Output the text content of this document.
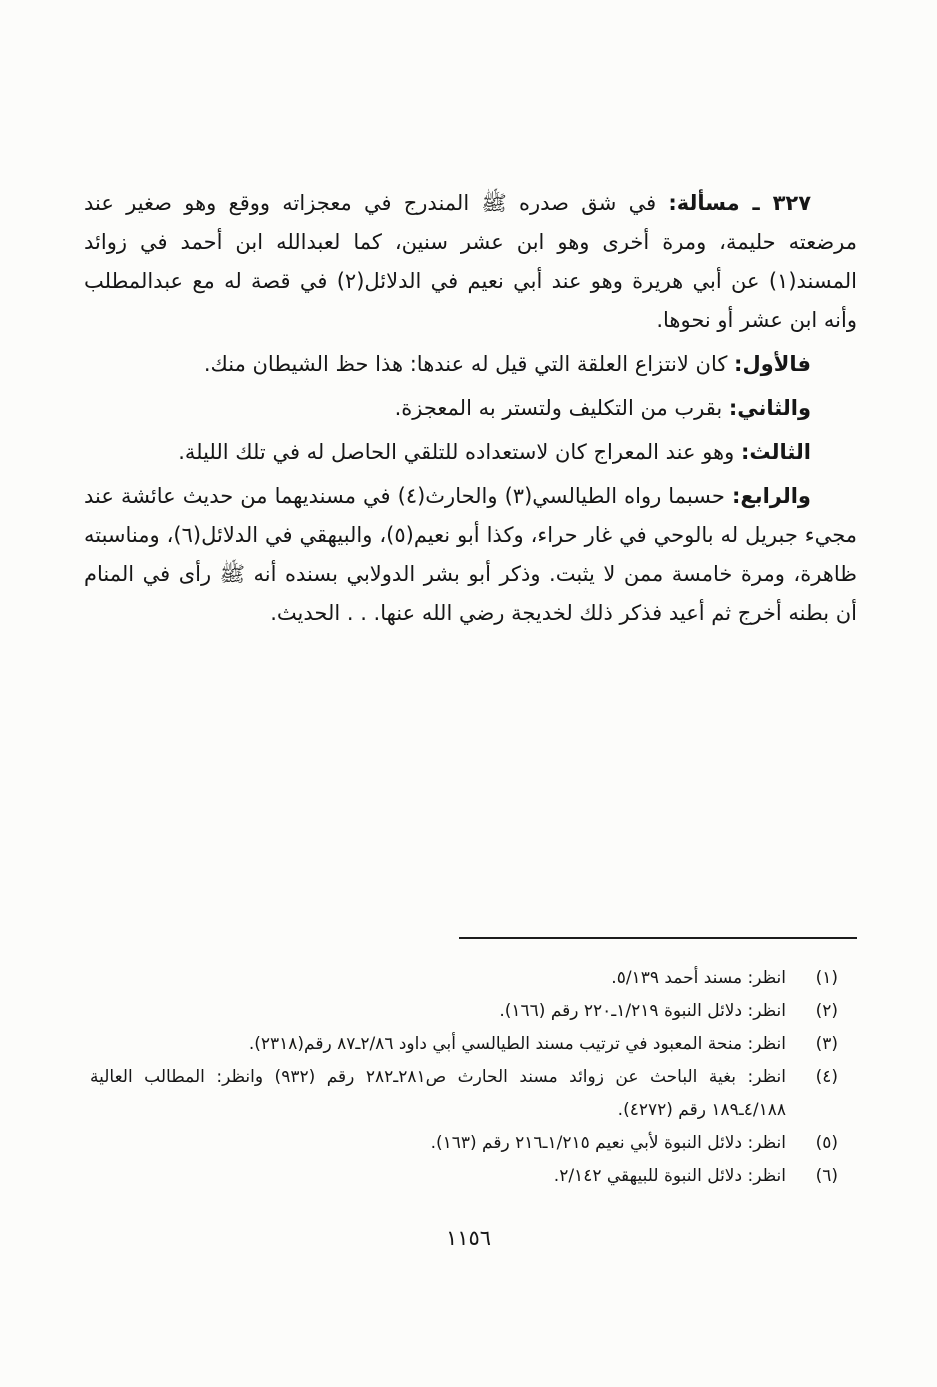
٣٢٧ ـ مسألة: في شق صدره ﷺ المندرج في معجزاته ووقع وهو صغير عند مرضعته حليمة، ومرة أخرى وهو ابن عشر سنين، كما لعبدالله ابن أحمد في زوائد المسند(١) عن أبي هريرة وهو عند أبي نعيم في الدلائل(٢) في قصة له مع عبدالمطلب وأنه ابن عشر أو نحوها.

فالأول: كان لانتزاع العلقة التي قيل له عندها: هذا حظ الشيطان منك.

والثاني: بقرب من التكليف ولتستر به المعجزة.

الثالث: وهو عند المعراج كان لاستعداده للتلقي الحاصل له في تلك الليلة.

والرابع: حسبما رواه الطيالسي(٣) والحارث(٤) في مسنديهما من حديث عائشة عند مجيء جبريل له بالوحي في غار حراء، وكذا أبو نعيم(٥)، والبيهقي في الدلائل(٦)، ومناسبته ظاهرة، ومرة خامسة ممن لا يثبت. وذكر أبو بشر الدولابي بسنده أنه ﷺ رأى في المنام أن بطنه أخرج ثم أعيد فذكر ذلك لخديجة رضي الله عنها. . . الحديث.

(١)
انظر: مسند أحمد ٥/١٣٩.
(٢)
انظر: دلائل النبوة ١/٢١٩ـ٢٢٠ رقم (١٦٦).
(٣)
انظر: منحة المعبود في ترتيب مسند الطيالسي أبي داود ٢/٨٦ـ٨٧ رقم(٢٣١٨).
(٤)
انظر: بغية الباحث عن زوائد مسند الحارث ص٢٨١ـ٢٨٢ رقم (٩٣٢) وانظر: المطالب العالية ٤/١٨٨ـ١٨٩ رقم (٤٢٧٢).
(٥)
انظر: دلائل النبوة لأبي نعيم ١/٢١٥ـ٢١٦ رقم (١٦٣).
(٦)
انظر: دلائل النبوة للبيهقي ٢/١٤٢.
١١٥٦
